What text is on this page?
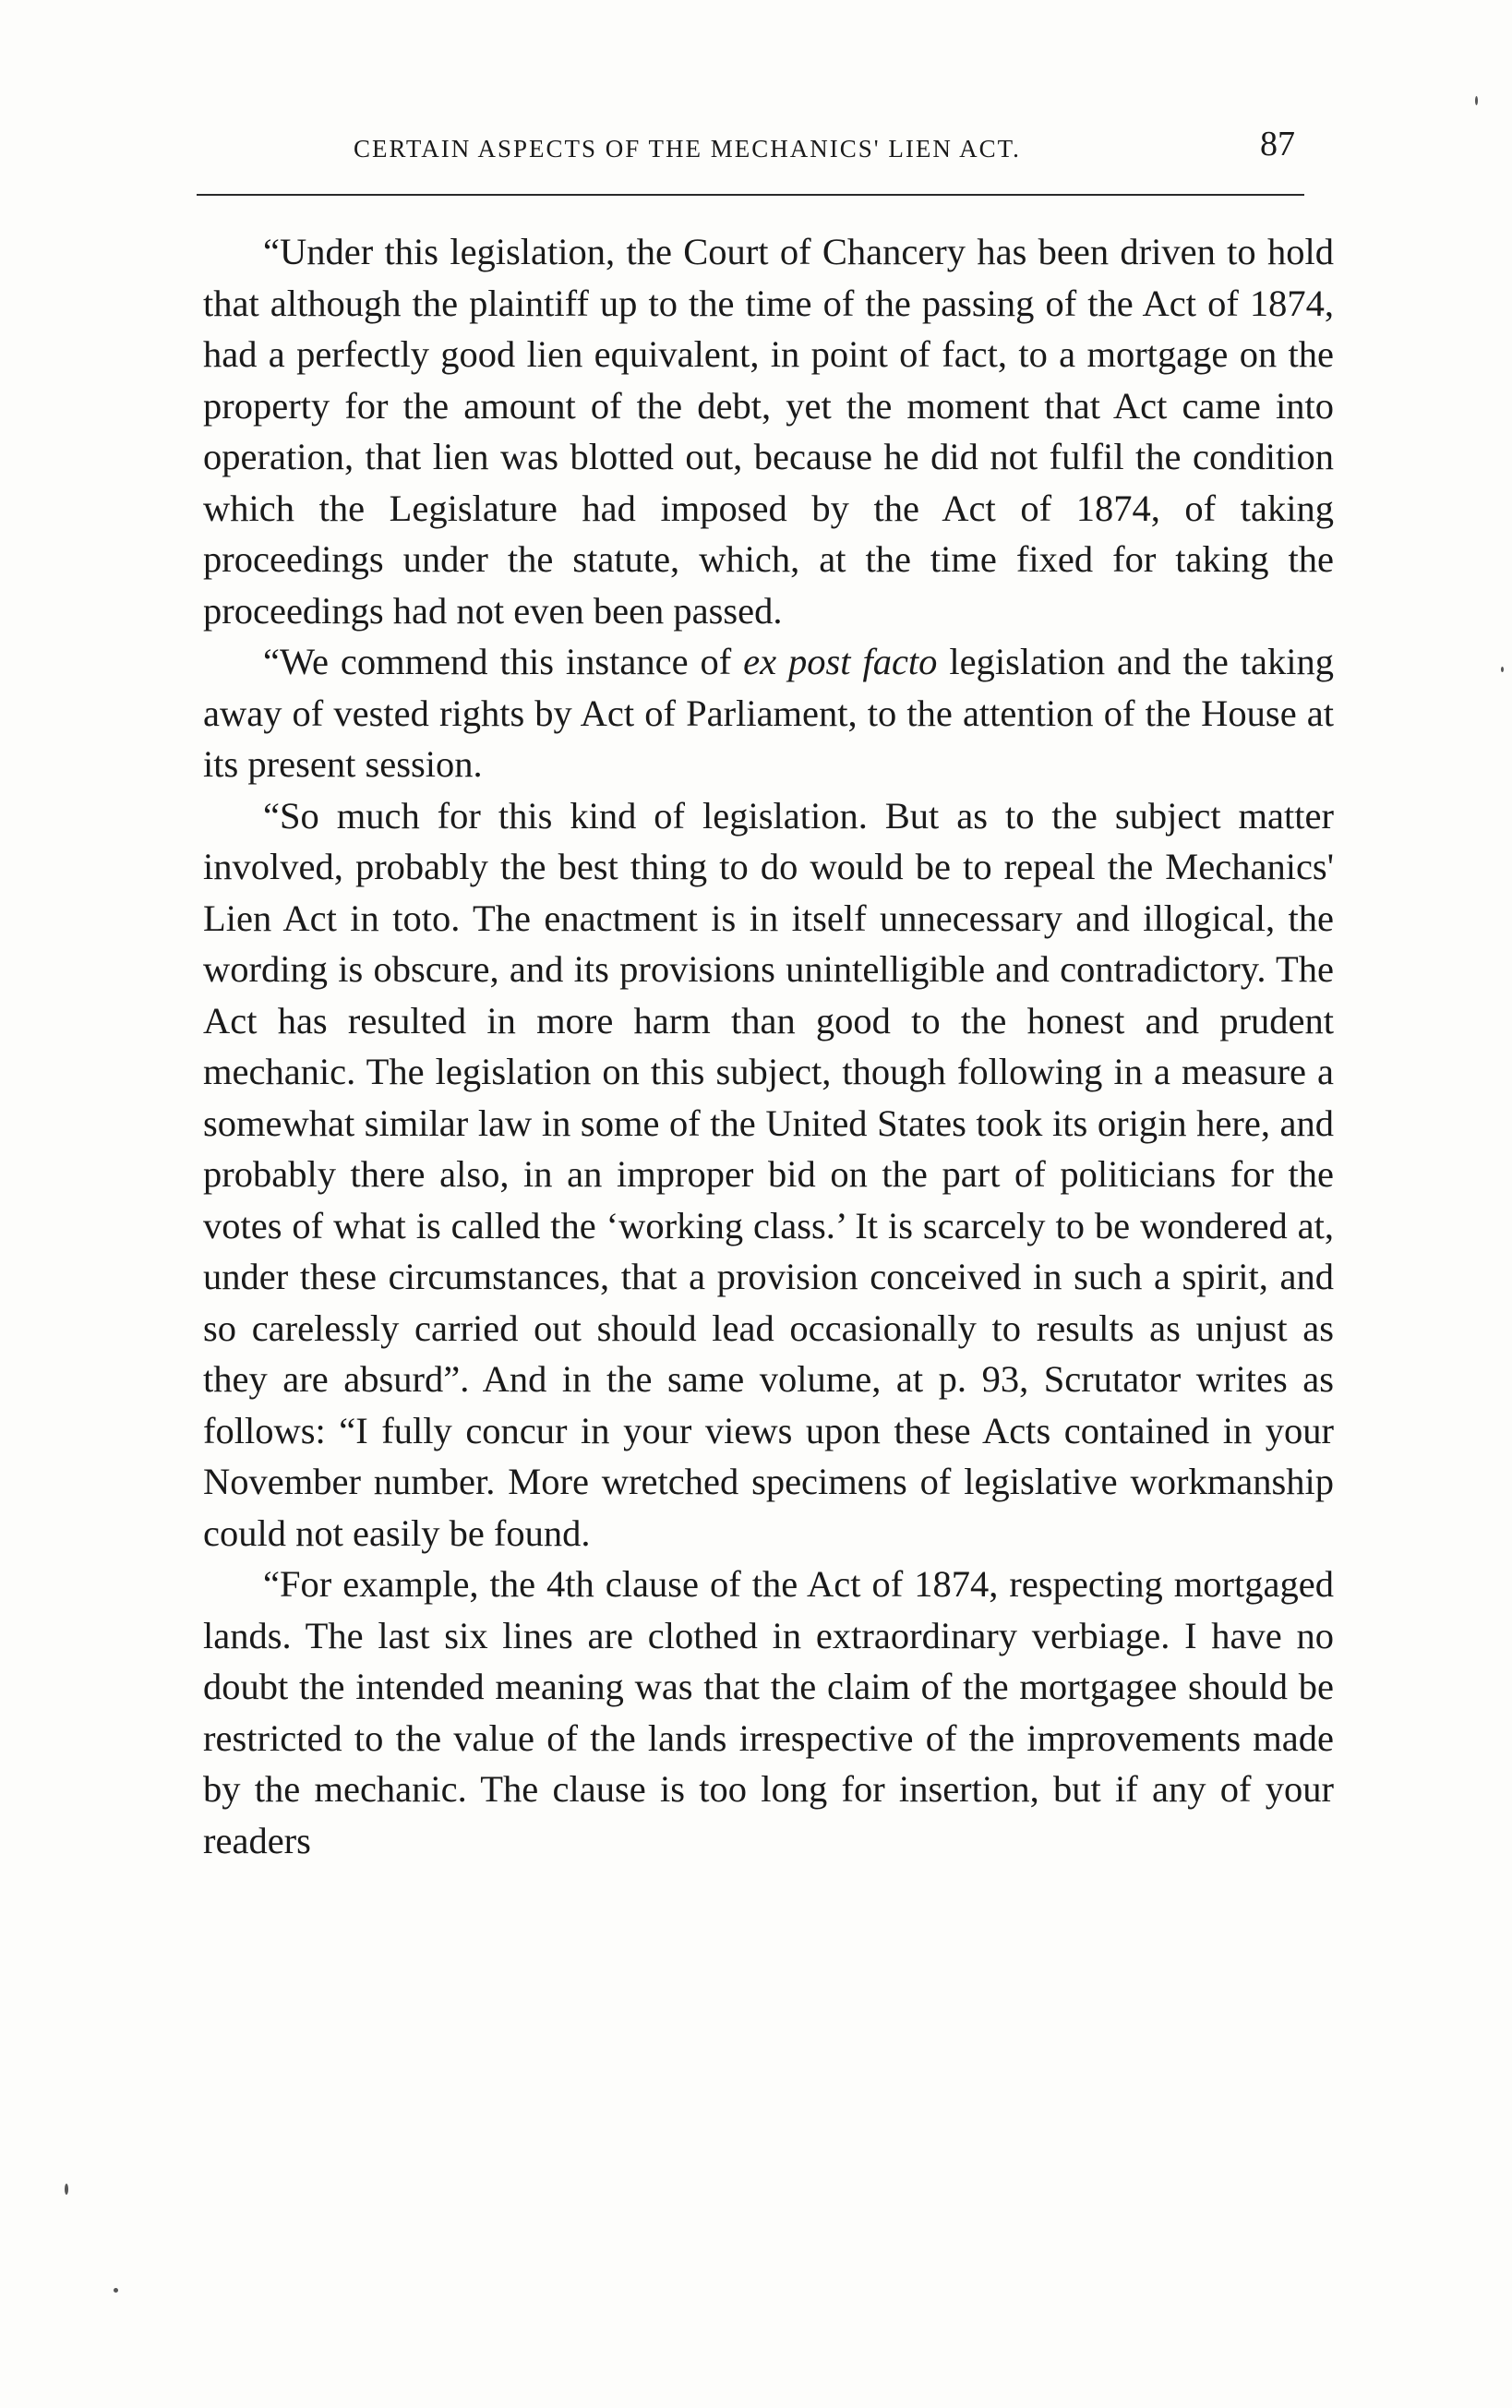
CERTAIN ASPECTS OF THE MECHANICS' LIEN ACT.	87

“Under this legislation, the Court of Chancery has been driven to hold that although the plaintiff up to the time of the passing of the Act of 1874, had a perfectly good lien equivalent, in point of fact, to a mortgage on the property for the amount of the debt, yet the moment that Act came into operation, that lien was blotted out, because he did not fulfil the condition which the Legislature had imposed by the Act of 1874, of taking proceedings under the statute, which, at the time fixed for taking the proceedings had not even been passed.

“We commend this instance of ex post facto legislation and the taking away of vested rights by Act of Parliament, to the attention of the House at its present session.

“So much for this kind of legislation. But as to the subject matter involved, probably the best thing to do would be to repeal the Mechanics' Lien Act in toto. The enactment is in itself unnecessary and illogical, the wording is obscure, and its provisions unintelligible and contradictory. The Act has resulted in more harm than good to the honest and prudent mechanic. The legislation on this subject, though following in a measure a somewhat similar law in some of the United States took its origin here, and probably there also, in an improper bid on the part of politicians for the votes of what is called the ‘working class.’ It is scarcely to be wondered at, under these circumstances, that a provision conceived in such a spirit, and so carelessly carried out should lead occasionally to results as unjust as they are absurd”. And in the same volume, at p. 93, Scrutator writes as follows: “I fully concur in your views upon these Acts contained in your November number. More wretched specimens of legislative workmanship could not easily be found.

“For example, the 4th clause of the Act of 1874, respecting mortgaged lands. The last six lines are clothed in extraordinary verbiage. I have no doubt the intended meaning was that the claim of the mortgagee should be restricted to the value of the lands irrespective of the improvements made by the mechanic. The clause is too long for insertion, but if any of your readers
